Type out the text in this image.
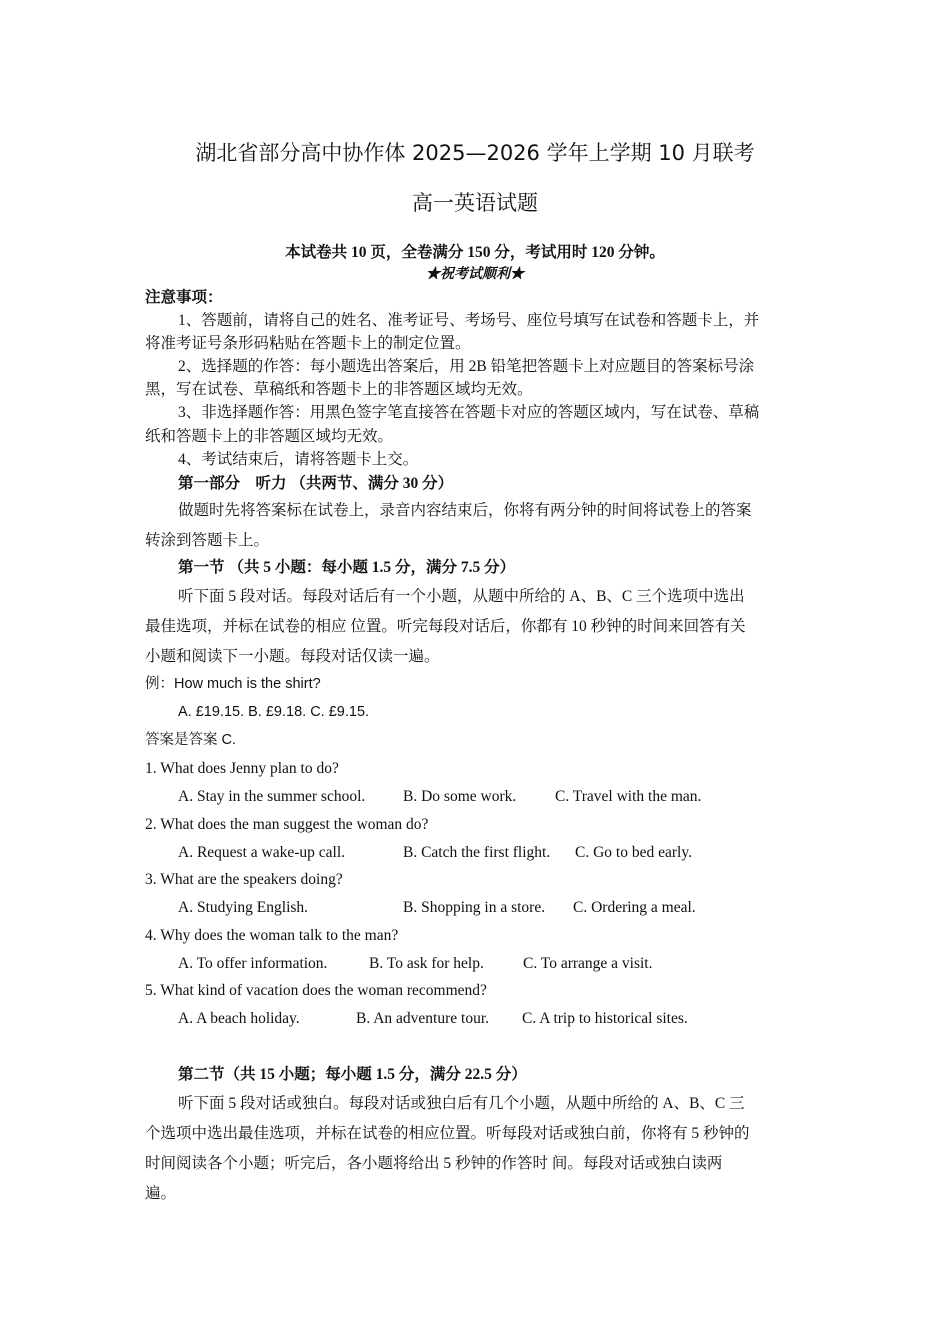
湖北省部分高中协作体 2025—2026 学年上学期 10 月联考
高一英语试题
本试卷共 10 页，全卷满分 150 分，考试用时 120 分钟。
★祝考试顺利★
注意事项：
1、答题前，请将自己的姓名、准考证号、考场号、座位号填写在试卷和答题卡上，并
将准考证号条形码粘贴在答题卡上的制定位置。
2、选择题的作答：每小题选出答案后，用 2B 铅笔把答题卡上对应题目的答案标号涂
黑，写在试卷、草稿纸和答题卡上的非答题区域均无效。
3、非选择题作答：用黑色签字笔直接答在答题卡对应的答题区域内，写在试卷、草稿
纸和答题卡上的非答题区域均无效。
4、考试结束后，请将答题卡上交。
第一部分　听力 （共两节、满分 30 分）
做题时先将答案标在试卷上，录音内容结束后，你将有两分钟的时间将试卷上的答案
转涂到答题卡上。
第一节 （共 5 小题：每小题 1.5 分，满分 7.5 分）
听下面 5 段对话。每段对话后有一个小题，从题中所给的 A、B、C 三个选项中选出
最佳选项，并标在试卷的相应 位置。听完每段对话后，你都有 10 秒钟的时间来回答有关
小题和阅读下一小题。每段对话仅读一遍。
例：How much is the shirt?
A. £19.15. B. £9.18. C. £9.15.
答案是答案 C.
1. What does Jenny plan to do?
A. Stay in the summer school. B. Do some work.	C. Travel with the man.
2. What does the man suggest the woman do?
A. Request a wake-up call.	B. Catch the first flight. C. Go to bed early.
3. What are the speakers doing?
A. Studying English.	B. Shopping in a store. C. Ordering a meal.
4. Why does the woman talk to the man?
A. To offer information.	B. To ask for help.	C. To arrange a visit.
5. What kind of vacation does the woman recommend?
A. A beach holiday.	B. An adventure tour. C. A trip to historical sites.
第二节（共 15 小题；每小题 1.5 分，满分 22.5 分）
听下面 5 段对话或独白。每段对话或独白后有几个小题，从题中所给的 A、B、C 三
个选项中选出最佳选项，并标在试卷的相应位置。听每段对话或独白前，你将有 5 秒钟的
时间阅读各个小题；听完后，各小题将给出 5 秒钟的作答时 间。每段对话或独白读两
遍。
